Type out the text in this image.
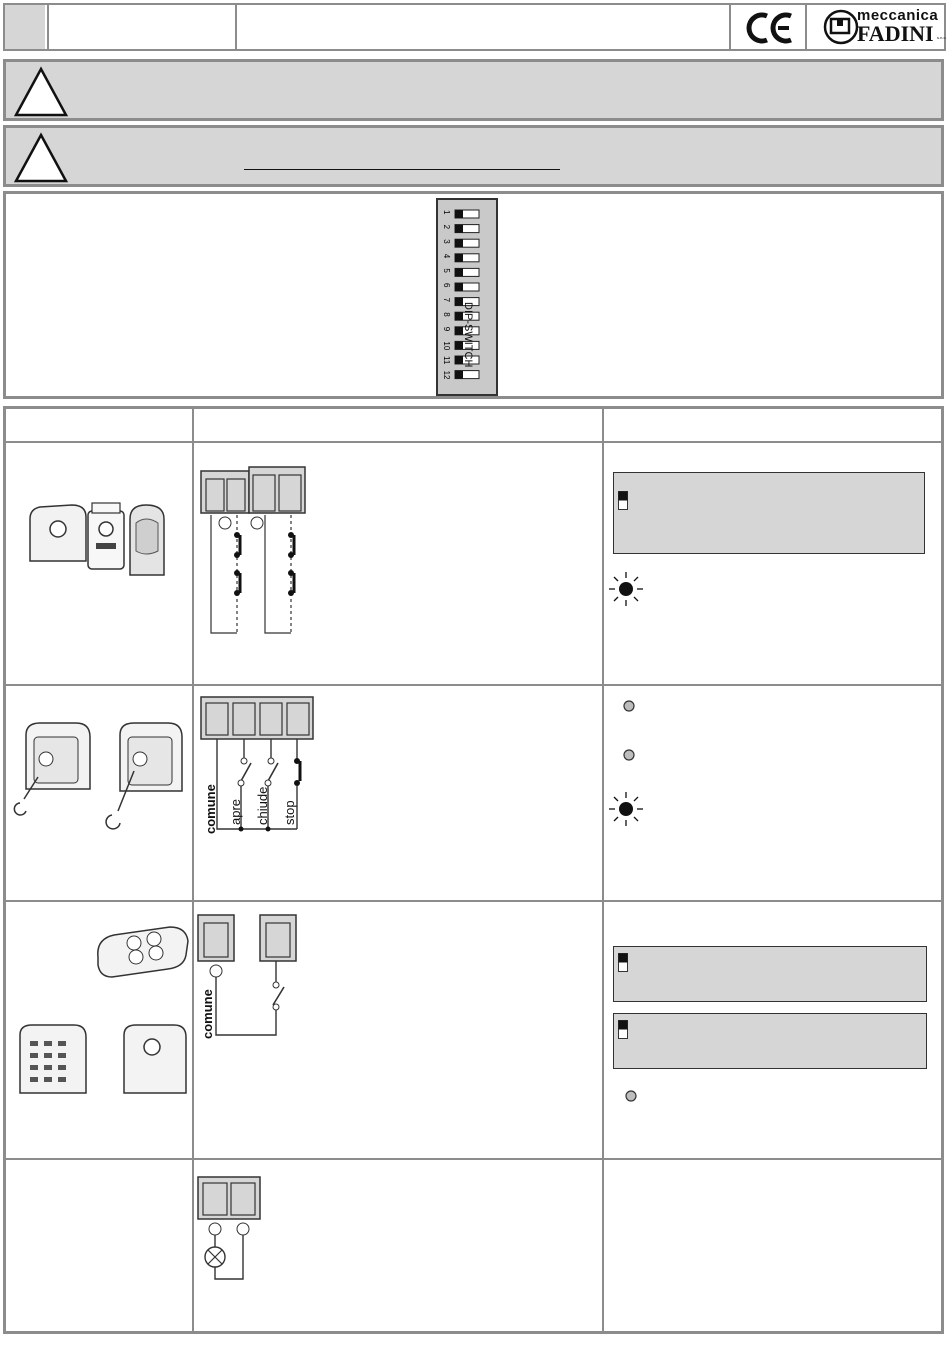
meccanica
FADINI s.n.c.
1
2
3
4
5
6
7
8
9
10
11
12
DIP-SWITCH
comune apre chiude stop
comune
